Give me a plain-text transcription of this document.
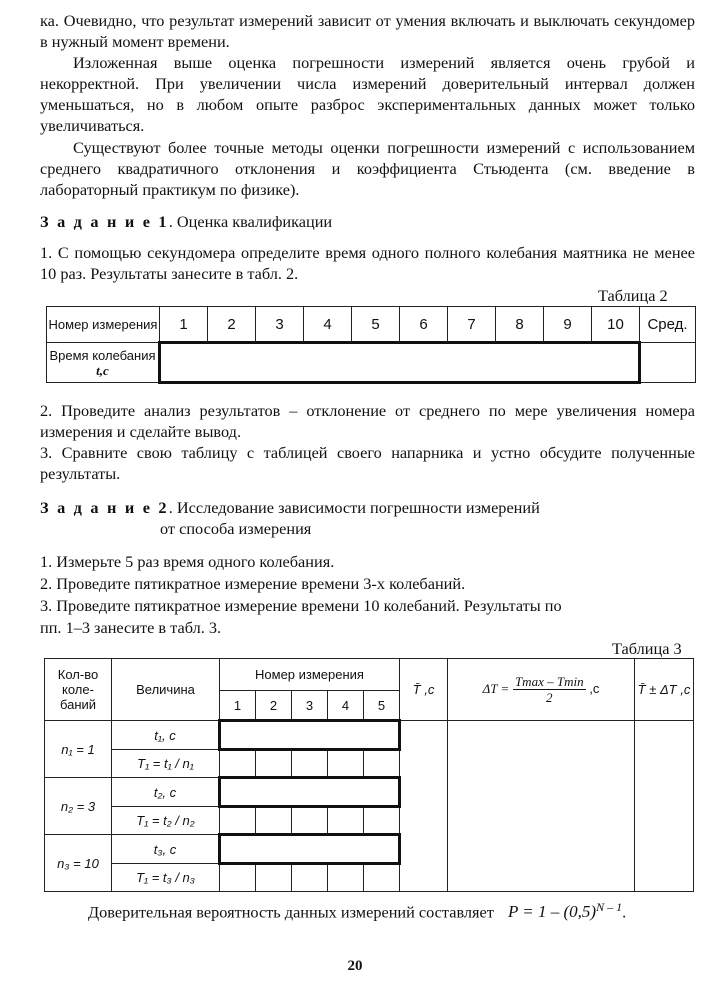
ка. Очевидно, что результат измерений зависит от умения включать и выключать секундомер в нужный момент времени.

Изложенная выше оценка погрешности измерений является очень грубой и некорректной. При увеличении числа измерений доверительный интервал должен уменьшаться, но в любом опыте разброс экспериментальных данных может только увеличиваться.

Существуют более точные методы оценки погрешности измерений с использованием среднего квадратичного отклонения и коэффициента Стьюдента (см. введение в лабораторный практикум по физике).

З а д а н и е 1. Оценка квалификации

1. С помощью секундомера определите время одного полного колебания маятника не менее 10 раз. Результаты занесите в табл. 2.

Таблица 2
Номер измерения	1	2	3	4	5	6	7	8	9	10	Сред.
Время колебания t,с											

2. Проведите анализ результатов – отклонение от среднего по мере увеличения номера измерения и сделайте вывод.

3. Сравните свою таблицу с таблицей своего напарника и устно обсудите полученные результаты.

З а д а н и е 2. Исследование зависимости погрешности измерений
от способа измерения
1. Измерьте 5 раз время одного колебания.
2. Проведите пятикратное измерение времени 3-х колебаний.
3. Проведите пятикратное измерение времени 10 колебаний. Результаты по
пп. 1–3 занесите в табл. 3.
Таблица 3
Кол-во коле-баний	Величина	Номер измерения					T̄ ,с	$\Delta T = \frac{Tmax - Tmin}{2} ,с$	T̄ ± ΔT ,с
		1	2	3	4	5			
n₁ = 1	t₁, с								
	T₁ = t₁ / n₁								
n₂ = 3	t₂, с								
	T₁ = t₂ / n₂								
n₃ = 10	t₃, с								
	T₁ = t₃ / n₃								
Доверительная вероятность данных измерений составляет $P = 1 - (0,5)^{N - 1}$.
20
